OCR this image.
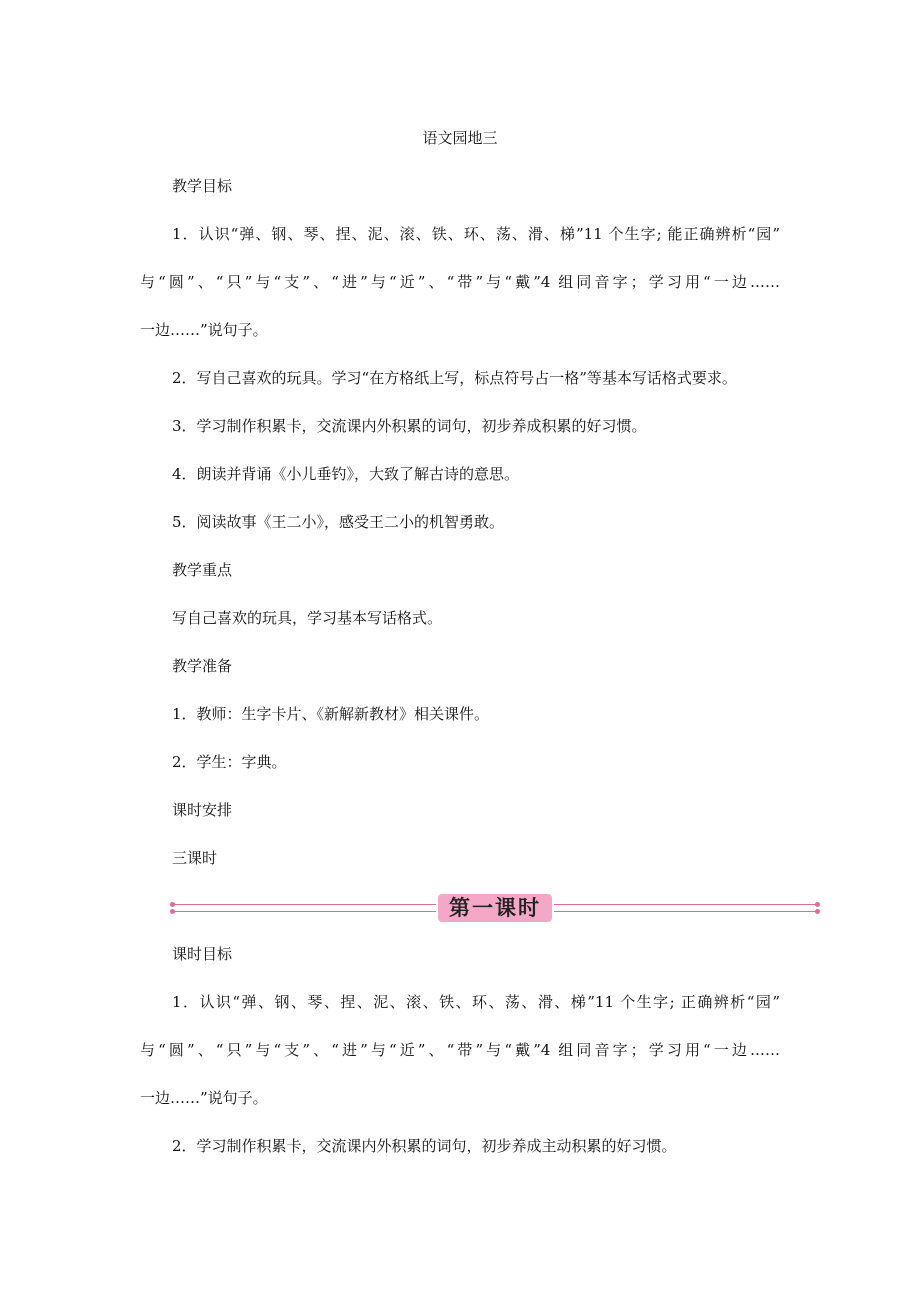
语文园地三
教学目标
1．认识“弹、钢、琴、捏、泥、滚、铁、环、荡、滑、梯”11 个生字; 能正确辨析“园”
与“圆”、“只”与“支”、“进”与“近”、“带”与“戴”4 组同音字；学习用“一边……
一边……”说句子。
2．写自己喜欢的玩具。学习“在方格纸上写，标点符号占一格”等基本写话格式要求。
3．学习制作积累卡，交流课内外积累的词句，初步养成积累的好习惯。
4．朗读并背诵《小儿垂钓》，大致了解古诗的意思。
5．阅读故事《王二小》，感受王二小的机智勇敢。
教学重点
写自己喜欢的玩具，学习基本写话格式。
教学准备
1．教师：生字卡片、《新解新教材》相关课件。
2．学生：字典。
课时安排
三课时
第一课时
课时目标
1．认识“弹、钢、琴、捏、泥、滚、铁、环、荡、滑、梯”11 个生字; 正确辨析“园”
与“圆”、“只”与“支”、“进”与“近”、“带”与“戴”4 组同音字；学习用“一边……
一边……”说句子。
2．学习制作积累卡，交流课内外积累的词句，初步养成主动积累的好习惯。
